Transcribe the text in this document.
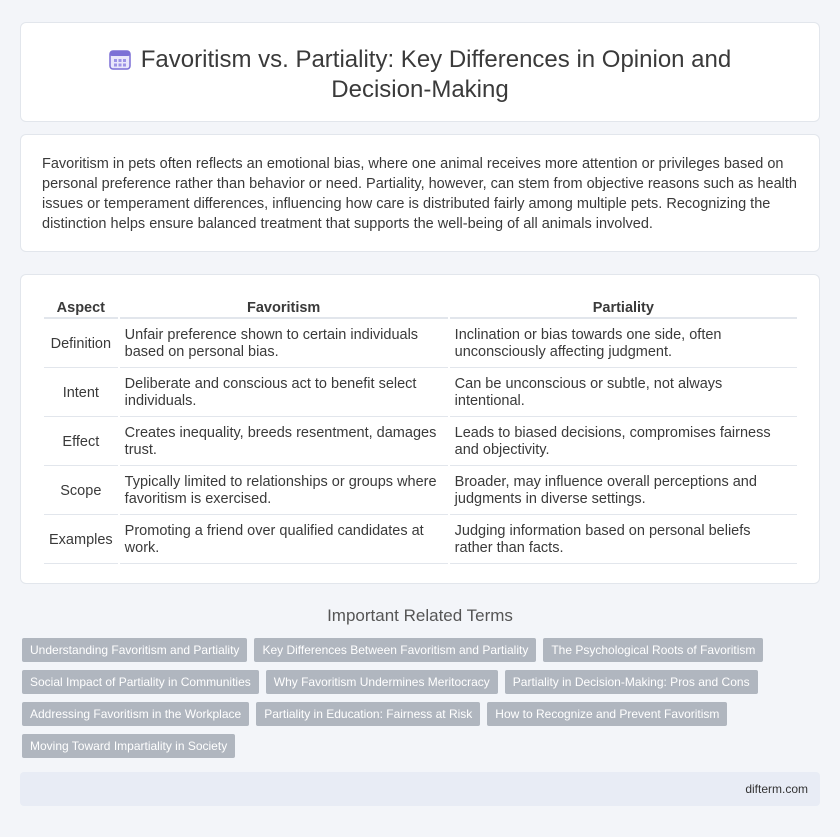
Favoritism vs. Partiality: Key Differences in Opinion and Decision-Making

Favoritism in pets often reflects an emotional bias, where one animal receives more attention or privileges based on personal preference rather than behavior or need. Partiality, however, can stem from objective reasons such as health issues or temperament differences, influencing how care is distributed fairly among multiple pets. Recognizing the distinction helps ensure balanced treatment that supports the well-being of all animals involved.

Aspect	Favoritism	Partiality
Definition	Unfair preference shown to certain individuals based on personal bias.	Inclination or bias towards one side, often unconsciously affecting judgment.
Intent	Deliberate and conscious act to benefit select individuals.	Can be unconscious or subtle, not always intentional.
Effect	Creates inequality, breeds resentment, damages trust.	Leads to biased decisions, compromises fairness and objectivity.
Scope	Typically limited to relationships or groups where favoritism is exercised.	Broader, may influence overall perceptions and judgments in diverse settings.
Examples	Promoting a friend over qualified candidates at work.	Judging information based on personal beliefs rather than facts.
Important Related Terms
Understanding Favoritism and Partiality	Key Differences Between Favoritism and Partiality	The Psychological Roots of Favoritism
Social Impact of Partiality in Communities	Why Favoritism Undermines Meritocracy	Partiality in Decision-Making: Pros and Cons
Addressing Favoritism in the Workplace	Partiality in Education: Fairness at Risk	How to Recognize and Prevent Favoritism
Moving Toward Impartiality in Society
difterm.com
